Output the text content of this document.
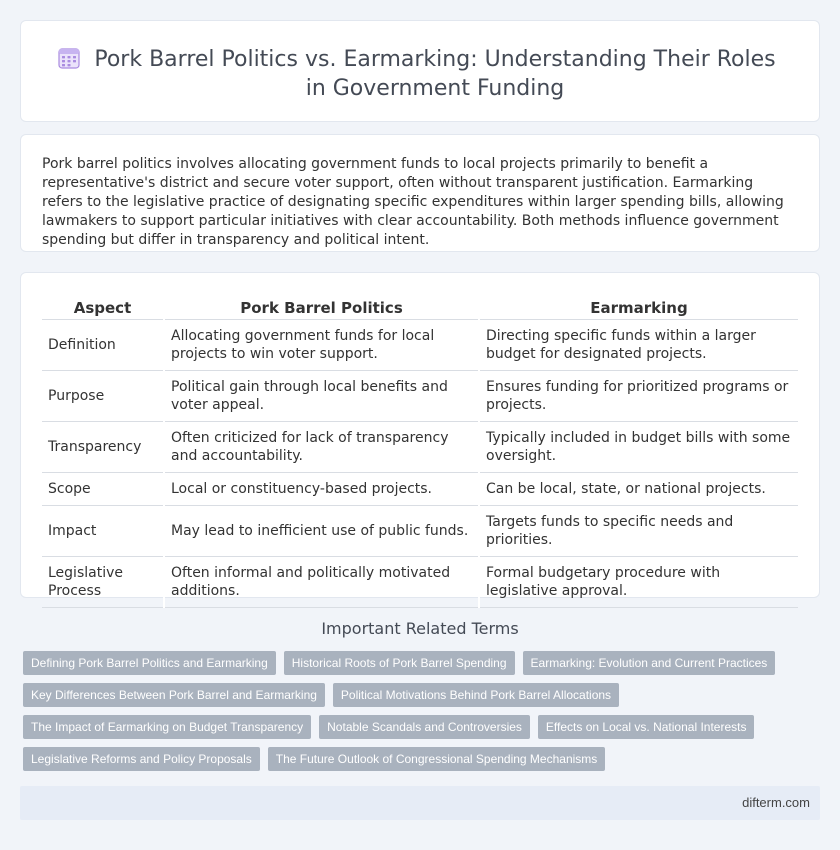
Pork Barrel Politics vs. Earmarking: Understanding Their Roles in Government Funding

Pork barrel politics involves allocating government funds to local projects primarily to benefit a representative's district and secure voter support, often without transparent justification. Earmarking refers to the legislative practice of designating specific expenditures within larger spending bills, allowing lawmakers to support particular initiatives with clear accountability. Both methods influence government spending but differ in transparency and political intent.

Aspect	Pork Barrel Politics	Earmarking
Definition	Allocating government funds for local projects to win voter support.	Directing specific funds within a larger budget for designated projects.
Purpose	Political gain through local benefits and voter appeal.	Ensures funding for prioritized programs or projects.
Transparency	Often criticized for lack of transparency and accountability.	Typically included in budget bills with some oversight.
Scope	Local or constituency-based projects.	Can be local, state, or national projects.
Impact	May lead to inefficient use of public funds.	Targets funds to specific needs and priorities.
Legislative Process	Often informal and politically motivated additions.	Formal budgetary procedure with legislative approval.
Important Related Terms
Defining Pork Barrel Politics and Earmarking	Historical Roots of Pork Barrel Spending	Earmarking: Evolution and Current Practices
Key Differences Between Pork Barrel and Earmarking	Political Motivations Behind Pork Barrel Allocations
The Impact of Earmarking on Budget Transparency	Notable Scandals and Controversies	Effects on Local vs. National Interests
Legislative Reforms and Policy Proposals	The Future Outlook of Congressional Spending Mechanisms
difterm.com
